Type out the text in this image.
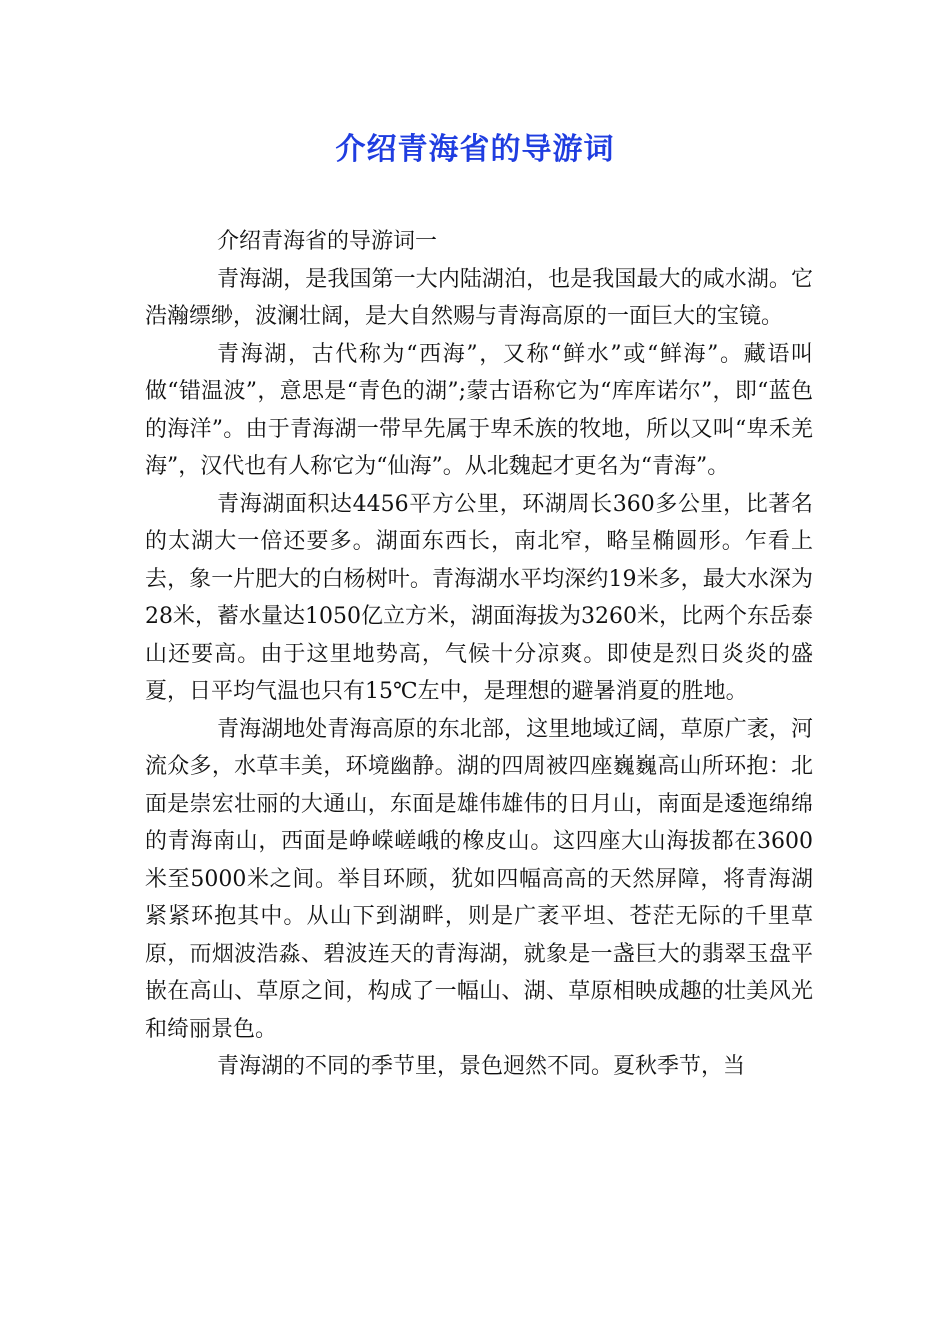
介绍青海省的导游词

介绍青海省的导游词一

青海湖，是我国第一大内陆湖泊，也是我国最大的咸水湖。它浩瀚缥缈，波澜壮阔，是大自然赐与青海高原的一面巨大的宝镜。

青海湖，古代称为“西海”，又称“鲜水”或“鲜海”。藏语叫做“错温波”，意思是“青色的湖”;蒙古语称它为“库库诺尔”，即“蓝色的海洋”。由于青海湖一带早先属于卑禾族的牧地，所以又叫“卑禾羌海”，汉代也有人称它为“仙海”。从北魏起才更名为“青海”。

青海湖面积达4456平方公里，环湖周长360多公里，比著名的太湖大一倍还要多。湖面东西长，南北窄，略呈椭圆形。乍看上去，象一片肥大的白杨树叶。青海湖水平均深约19米多，最大水深为28米，蓄水量达1050亿立方米，湖面海拔为3260米，比两个东岳泰山还要高。由于这里地势高，气候十分凉爽。即使是烈日炎炎的盛夏，日平均气温也只有15℃左中，是理想的避暑消夏的胜地。

青海湖地处青海高原的东北部，这里地域辽阔，草原广袤，河流众多，水草丰美，环境幽静。湖的四周被四座巍巍高山所环抱：北面是崇宏壮丽的大通山，东面是雄伟雄伟的日月山，南面是逶迤绵绵的青海南山，西面是峥嵘嵯峨的橡皮山。这四座大山海拔都在3600米至5000米之间。举目环顾，犹如四幅高高的天然屏障，将青海湖紧紧环抱其中。从山下到湖畔，则是广袤平坦、苍茫无际的千里草原，而烟波浩淼、碧波连天的青海湖，就象是一盏巨大的翡翠玉盘平嵌在高山、草原之间，构成了一幅山、湖、草原相映成趣的壮美风光和绮丽景色。

青海湖的不同的季节里，景色迥然不同。夏秋季节，当
